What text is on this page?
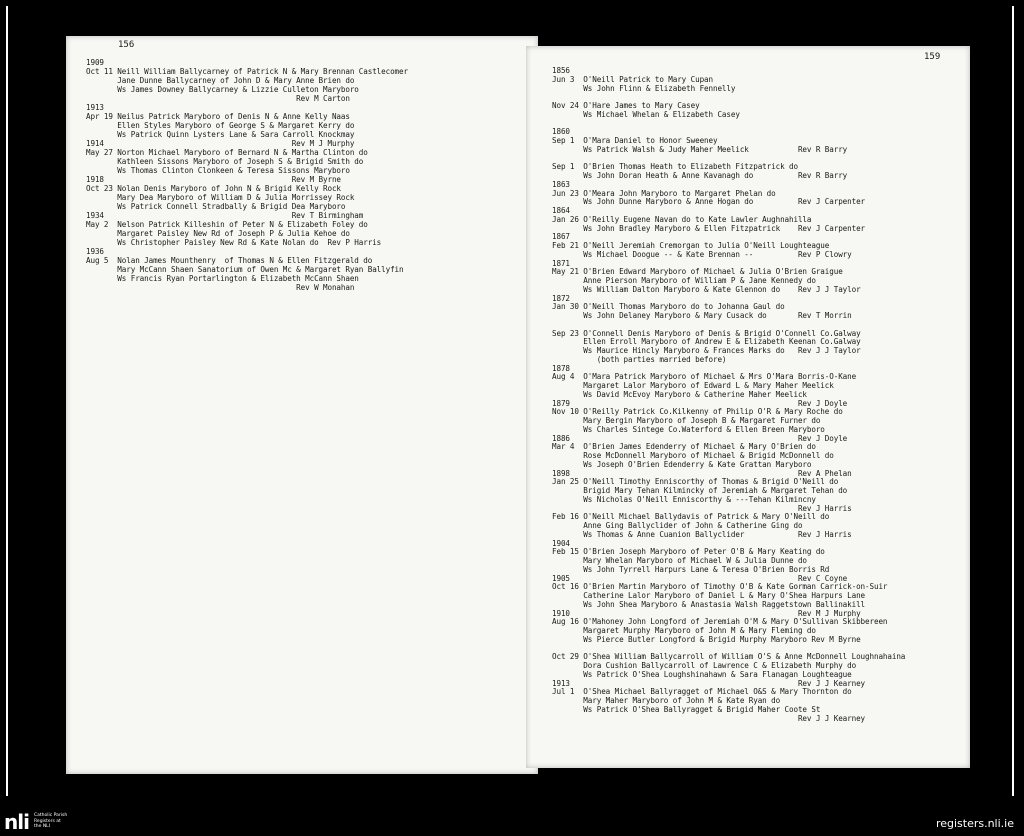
156
1909
Oct 11 Neill William Ballycarney of Patrick N & Mary Brennan Castlecomer
Jane Dunne Ballycarney of John D & Mary Anne Brien do
Ws James Downey Ballycarney & Lizzie Culleton Maryboro
Rev M Carton
1913
Apr 19 Neilus Patrick Maryboro of Denis N & Anne Kelly Naas
Ellen Styles Maryboro of George S & Margaret Kerry do
Ws Patrick Quinn Lysters Lane & Sara Carroll Knockmay
1914                                          Rev M J Murphy
May 27 Norton Michael Maryboro of Bernard N & Martha Clinton do
Kathleen Sissons Maryboro of Joseph S & Brigid Smith do
Ws Thomas Clinton Clonkeen & Teresa Sissons Maryboro
1918                                          Rev M Byrne
Oct 23 Nolan Denis Maryboro of John N & Brigid Kelly Rock
Mary Dea Maryboro of William D & Julia Morrissey Rock
Ws Patrick Connell Stradbally & Brigid Dea Maryboro
1934                                          Rev T Birmingham
May 2  Nelson Patrick Killeshin of Peter N & Elizabeth Foley do
Margaret Paisley New Rd of Joseph P & Julia Kehoe do
Ws Christopher Paisley New Rd & Kate Nolan do  Rev P Harris
1936
Aug 5  Nolan James Mounthenry  of Thomas N & Ellen Fitzgerald do
Mary McCann Shaen Sanatorium of Owen Mc & Margaret Ryan Ballyfin
Ws Francis Ryan Portarlington & Elizabeth McCann Shaen
Rev W Monahan
159
1856
Jun 3  O'Neill Patrick to Mary Cupan
Ws John Flinn & Elizabeth Fennelly
Nov 24 O'Hare James to Mary Casey
Ws Michael Whelan & Elizabeth Casey
1860
Sep 1  O'Mara Daniel to Honor Sweeney
Ws Patrick Walsh & Judy Maher Meelick           Rev R Barry
Sep 1  O'Brien Thomas Heath to Elizabeth Fitzpatrick do
Ws John Doran Heath & Anne Kavanagh do          Rev R Barry
1863
Jun 23 O'Meara John Maryboro to Margaret Phelan do
Ws John Dunne Maryboro & Anne Hogan do          Rev J Carpenter
1864
Jan 26 O'Reilly Eugene Navan do to Kate Lawler Aughnahilla
Ws John Bradley Maryboro & Ellen Fitzpatrick    Rev J Carpenter
1867
Feb 21 O'Neill Jeremiah Cremorgan to Julia O'Neill Loughteague
Ws Michael Doogue -- & Kate Brennan --          Rev P Clowry
1871
May 21 O'Brien Edward Maryboro of Michael & Julia O'Brien Graigue
Anne Pierson Maryboro of William P & Jane Kennedy do
Ws William Dalton Maryboro & Kate Glennon do    Rev J J Taylor
1872
Jan 30 O'Neill Thomas Maryboro do to Johanna Gaul do
Ws John Delaney Maryboro & Mary Cusack do       Rev T Morrin
Sep 23 O'Connell Denis Maryboro of Denis & Brigid O'Connell Co.Galway
Ellen Erroll Maryboro of Andrew E & Elizabeth Keenan Co.Galway
Ws Maurice Hincly Maryboro & Frances Marks do   Rev J J Taylor
(both parties married before)
1878
Aug 4  O'Mara Patrick Maryboro of Michael & Mrs O'Mara Borris-O-Kane
Margaret Lalor Maryboro of Edward L & Mary Maher Meelick
Ws David McEvoy Maryboro & Catherine Maher Meelick
1879                                                   Rev J Doyle
Nov 10 O'Reilly Patrick Co.Kilkenny of Philip O'R & Mary Roche do
Mary Bergin Maryboro of Joseph B & Margaret Furner do
Ws Charles Sintege Co.Waterford & Ellen Breen Maryboro
1886                                                   Rev J Doyle
Mar 4  O'Brien James Edenderry of Michael & Mary O'Brien do
Rose McDonnell Maryboro of Michael & Brigid McDonnell do
Ws Joseph O'Brien Edenderry & Kate Grattan Maryboro
1898                                                   Rev A Phelan
Jan 25 O'Neill Timothy Enniscorthy of Thomas & Brigid O'Neill do
Brigid Mary Tehan Kilmincky of Jeremiah & Margaret Tehan do
Ws Nicholas O'Neill Enniscorthy & ---Tehan Kilmincny
Rev J Harris
Feb 16 O'Neill Michael Ballydavis of Patrick & Mary O'Neill do
Anne Ging Ballyclider of John & Catherine Ging do
Ws Thomas & Anne Cuanion Ballyclider            Rev J Harris
1904
Feb 15 O'Brien Joseph Maryboro of Peter O'B & Mary Keating do
Mary Whelan Maryboro of Michael W & Julia Dunne do
Ws John Tyrrell Harpurs Lane & Teresa O'Brien Borris Rd
1905                                                   Rev C Coyne
Oct 16 O'Brien Martin Maryboro of Timothy O'B & Kate Gorman Carrick-on-Suir
Catherine Lalor Maryboro of Daniel L & Mary O'Shea Harpurs Lane
Ws John Shea Maryboro & Anastasia Walsh Raggetstown Ballinakill
1910                                                   Rev M J Murphy
Aug 16 O'Mahoney John Longford of Jeremiah O'M & Mary O'Sullivan Skibbereen
Margaret Murphy Maryboro of John M & Mary Fleming do
Ws Pierce Butler Longford & Brigid Murphy Maryboro Rev M Byrne
Oct 29 O'Shea William Ballycarroll of William O'S & Anne McDonnell Loughnahaina
Dora Cushion Ballycarroll of Lawrence C & Elizabeth Murphy do
Ws Patrick O'Shea Loughshinahawn & Sara Flanagan Loughteague
1913                                                   Rev J J Kearney
Jul 1  O'Shea Michael Ballyragget of Michael O&S & Mary Thornton do
Mary Maher Maryboro of John M & Kate Ryan do
Ws Patrick O'Shea Ballyragget & Brigid Maher Coote St
Rev J J Kearney
nli Catholic Parish
Registers at
the NLI	registers.nli.ie
